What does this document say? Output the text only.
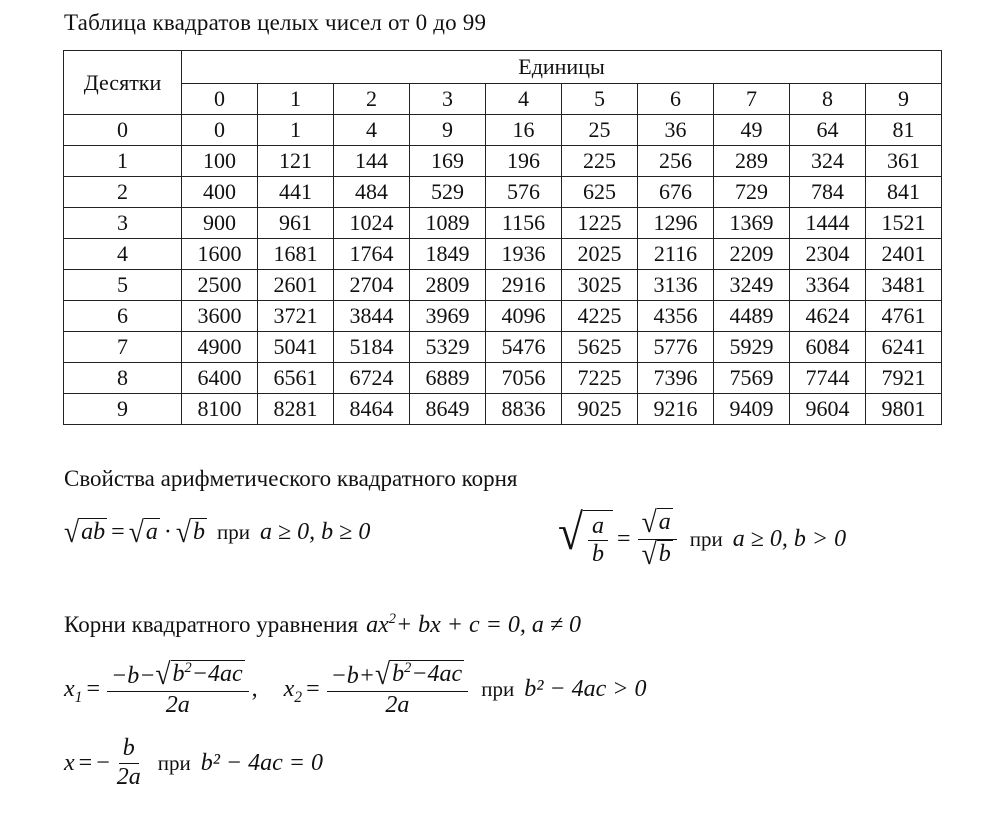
Таблица квадратов целых чисел от 0 до 99
Десятки	Единицы									
	0	1	2	3	4	5	6	7	8	9
0	0	1	4	9	16	25	36	49	64	81
1	100	121	144	169	196	225	256	289	324	361
2	400	441	484	529	576	625	676	729	784	841
3	900	961	1024	1089	1156	1225	1296	1369	1444	1521
4	1600	1681	1764	1849	1936	2025	2116	2209	2304	2401
5	2500	2601	2704	2809	2916	3025	3136	3249	3364	3481
6	3600	3721	3844	3969	4096	4225	4356	4489	4624	4761
7	4900	5041	5184	5329	5476	5625	5776	5929	6084	6241
8	6400	6561	6724	6889	7056	7225	7396	7569	7744	7921
9	8100	8281	8464	8649	8836	9025	9216	9409	9604	9801
Свойства арифметического квадратного корня
√ ab = √ a · √ b при a ≥ 0, b ≥ 0	√ $\frac{a}{b} = \frac{√ a}{√ b}$ при a ≥ 0, b > 0
Корни квадратного уравнения $ax^2+$ bx + c = 0, a ≠ 0
$x_1 = \frac{-b- √ b^2-4ac}{2a}$ , $x_2 = \frac{-b+ √ b^2-4ac}{2a}$ при b² − 4ac > 0
x = − $\frac{b}{2a}$ при b² − 4ac = 0
